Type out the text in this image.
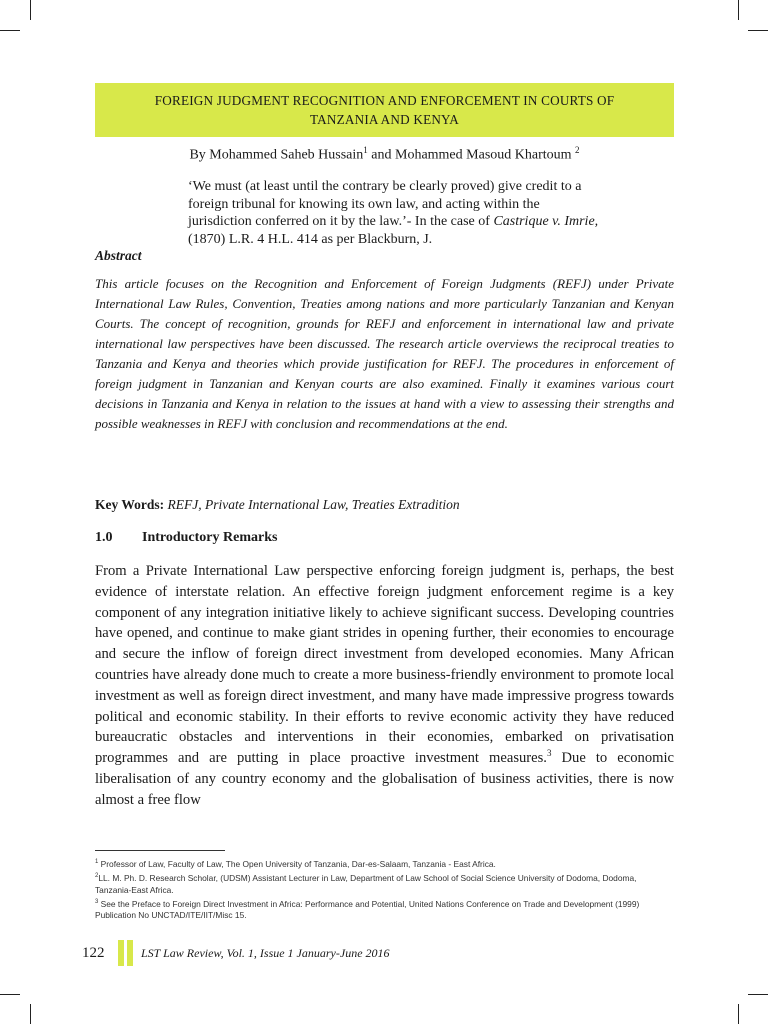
FOREIGN JUDGMENT RECOGNITION AND ENFORCEMENT IN COURTS OF
TANZANIA AND KENYA
By Mohammed Saheb Hussain$^1$ and Mohammed Masoud Khartoum $^2$
‘We must (at least until the contrary be clearly proved) give credit to a
foreign tribunal for knowing its own law, and acting within the
jurisdiction conferred on it by the law.’- In the case of Castrique v. Imrie,
(1870) L.R. 4 H.L. 414 as per Blackburn, J.
Abstract
This article focuses on the Recognition and Enforcement of Foreign Judgments (REFJ) under Private International Law Rules, Convention, Treaties among nations and more particularly Tanzanian and Kenyan Courts. The concept of recognition, grounds for REFJ and enforcement in international law and private international law perspectives have been discussed. The research article overviews the reciprocal treaties to Tanzania and Kenya and theories which provide justification for REFJ. The procedures in enforcement of foreign judgment in Tanzanian and Kenyan courts are also examined. Finally it examines various court decisions in Tanzania and Kenya in relation to the issues at hand with a view to assessing their strengths and possible weaknesses in REFJ with conclusion and recommendations at the end.
Key Words: REFJ, Private International Law, Treaties Extradition
1.0 Introductory Remarks
From a Private International Law perspective enforcing foreign judgment is, perhaps, the best evidence of interstate relation. An effective foreign judgment enforcement regime is a key component of any integration initiative likely to achieve significant success. Developing countries have opened, and continue to make giant strides in opening further, their economies to encourage and secure the inflow of foreign direct investment from developed economies. Many African countries have already done much to create a more business-friendly environment to promote local investment as well as foreign direct investment, and many have made impressive progress towards political and economic stability. In their efforts to revive economic activity they have reduced bureaucratic obstacles and interventions in their economies, embarked on privatisation programmes and are putting in place proactive investment measures.$^3$ Due to economic liberalisation of any country economy and the globalisation of business activities, there is now almost a free flow
$^1$ Professor of Law, Faculty of Law, The Open University of Tanzania, Dar-es-Salaam, Tanzania - East Africa.
$^2$LL. M. Ph. D. Research Scholar, (UDSM) Assistant Lecturer in Law, Department of Law School of Social Science University of Dodoma, Dodoma, Tanzania-East Africa.
$^3$ See the Preface to Foreign Direct Investment in Africa: Performance and Potential, United Nations Conference on Trade and Development (1999) Publication No UNCTAD/ITE/IIT/Misc 15.
122	LST Law Review, Vol. 1, Issue 1 January-June 2016
